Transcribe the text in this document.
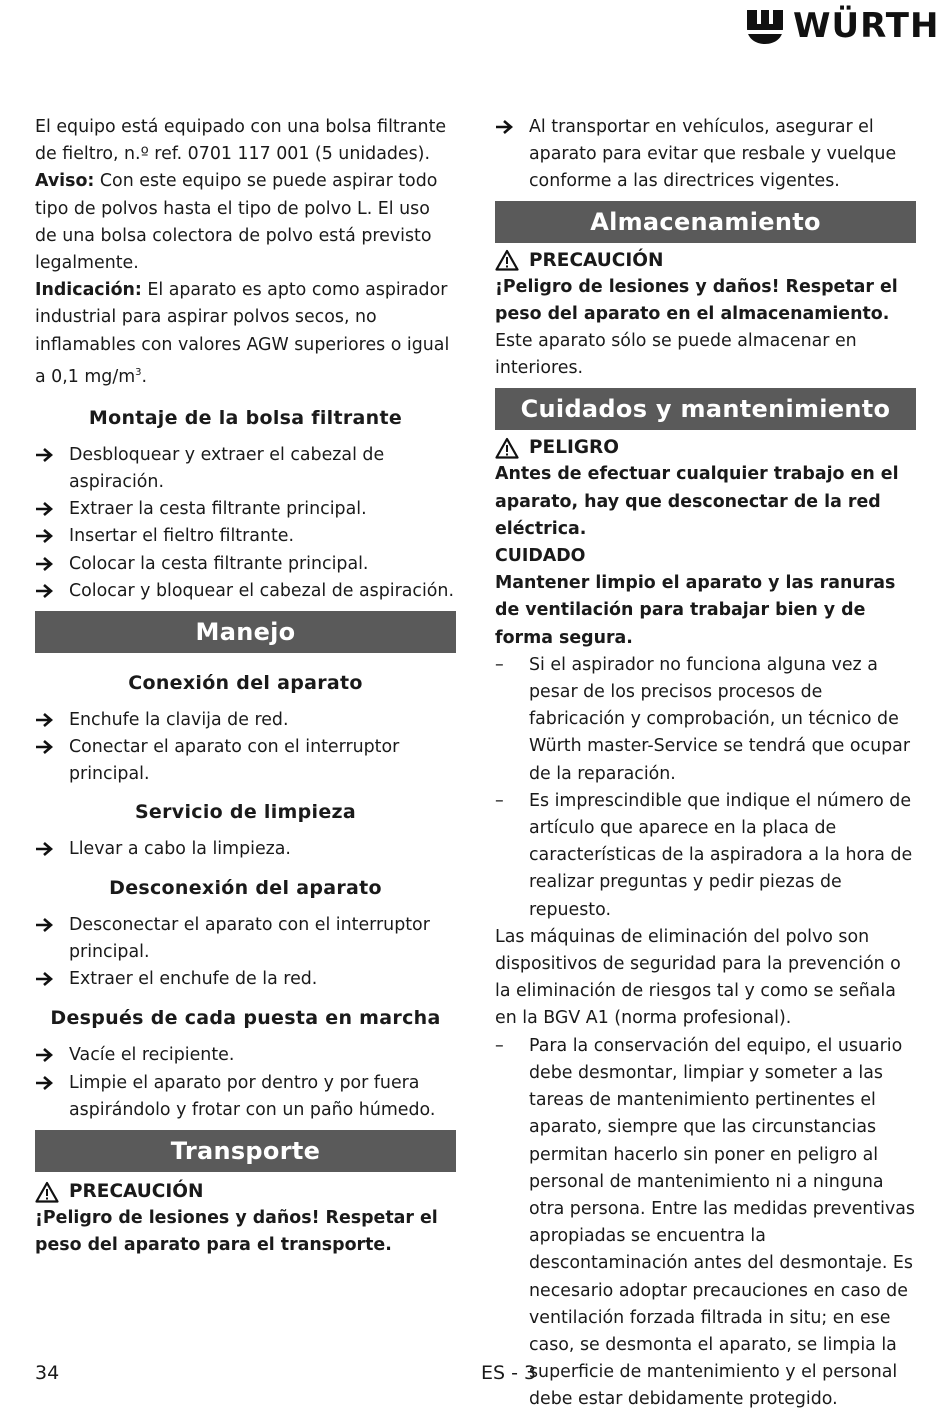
WÜRTH

El equipo está equipado con una bolsa filtrante de fieltro, n.º ref. 0701 117 001 (5 unidades).

Aviso: Con este equipo se puede aspirar todo tipo de polvos hasta el tipo de polvo L. El uso de una bolsa colectora de polvo está previsto legalmente.

Indicación: El aparato es apto como aspirador industrial para aspirar polvos secos, no inflamables con valores AGW superiores o igual a 0,1 $mg/m^3$.

Montaje de la bolsa filtrante
Desbloquear y extraer el cabezal de aspiración.
Extraer la cesta filtrante principal.
Insertar el fieltro filtrante.
Colocar la cesta filtrante principal.
Colocar y bloquear el cabezal de aspiración.
Manejo
Conexión del aparato
Enchufe la clavija de red.
Conectar el aparato con el interruptor principal.
Servicio de limpieza
Llevar a cabo la limpieza.
Desconexión del aparato
Desconectar el aparato con el interruptor principal.
Extraer el enchufe de la red.
Después de cada puesta en marcha
Vacíe el recipiente.
Limpie el aparato por dentro y por fuera aspirándolo y frotar con un paño húmedo.
Transporte
PRECAUCIÓN

¡Peligro de lesiones y daños! Respetar el peso del aparato para el transporte.

Al transportar en vehículos, asegurar el aparato para evitar que resbale y vuelque conforme a las directrices vigentes.
Almacenamiento
PRECAUCIÓN

¡Peligro de lesiones y daños! Respetar el peso del aparato en el almacenamiento.

Este aparato sólo se puede almacenar en interiores.

Cuidados y mantenimiento
PELIGRO

Antes de efectuar cualquier trabajo en el aparato, hay que desconectar de la red eléctrica.

CUIDADO

Mantener limpio el aparato y las ranuras de ventilación para trabajar bien y de forma segura.

–	Si el aspirador no funciona alguna vez a pesar de los precisos procesos de fabricación y comprobación, un técnico de Würth master-Service se tendrá que ocupar de la reparación.
–	Es imprescindible que indique el número de artículo que aparece en la placa de características de la aspiradora a la hora de realizar preguntas y pedir piezas de repuesto.

Las máquinas de eliminación del polvo son dispositivos de seguridad para la prevención o la eliminación de riesgos tal y como se señala en la BGV A1 (norma profesional).

–	Para la conservación del equipo, el usuario debe desmontar, limpiar y someter a las tareas de mantenimiento pertinentes el aparato, siempre que las circunstancias permitan hacerlo sin poner en peligro al personal de mantenimiento ni a ninguna otra persona. Entre las medidas preventivas apropiadas se encuentra la descontaminación antes del desmontaje. Es necesario adoptar precauciones en caso de ventilación forzada filtrada in situ; en ese caso, se desmonta el aparato, se limpia la superficie de mantenimiento y el personal debe estar debidamente protegido.
34	ES - 3
